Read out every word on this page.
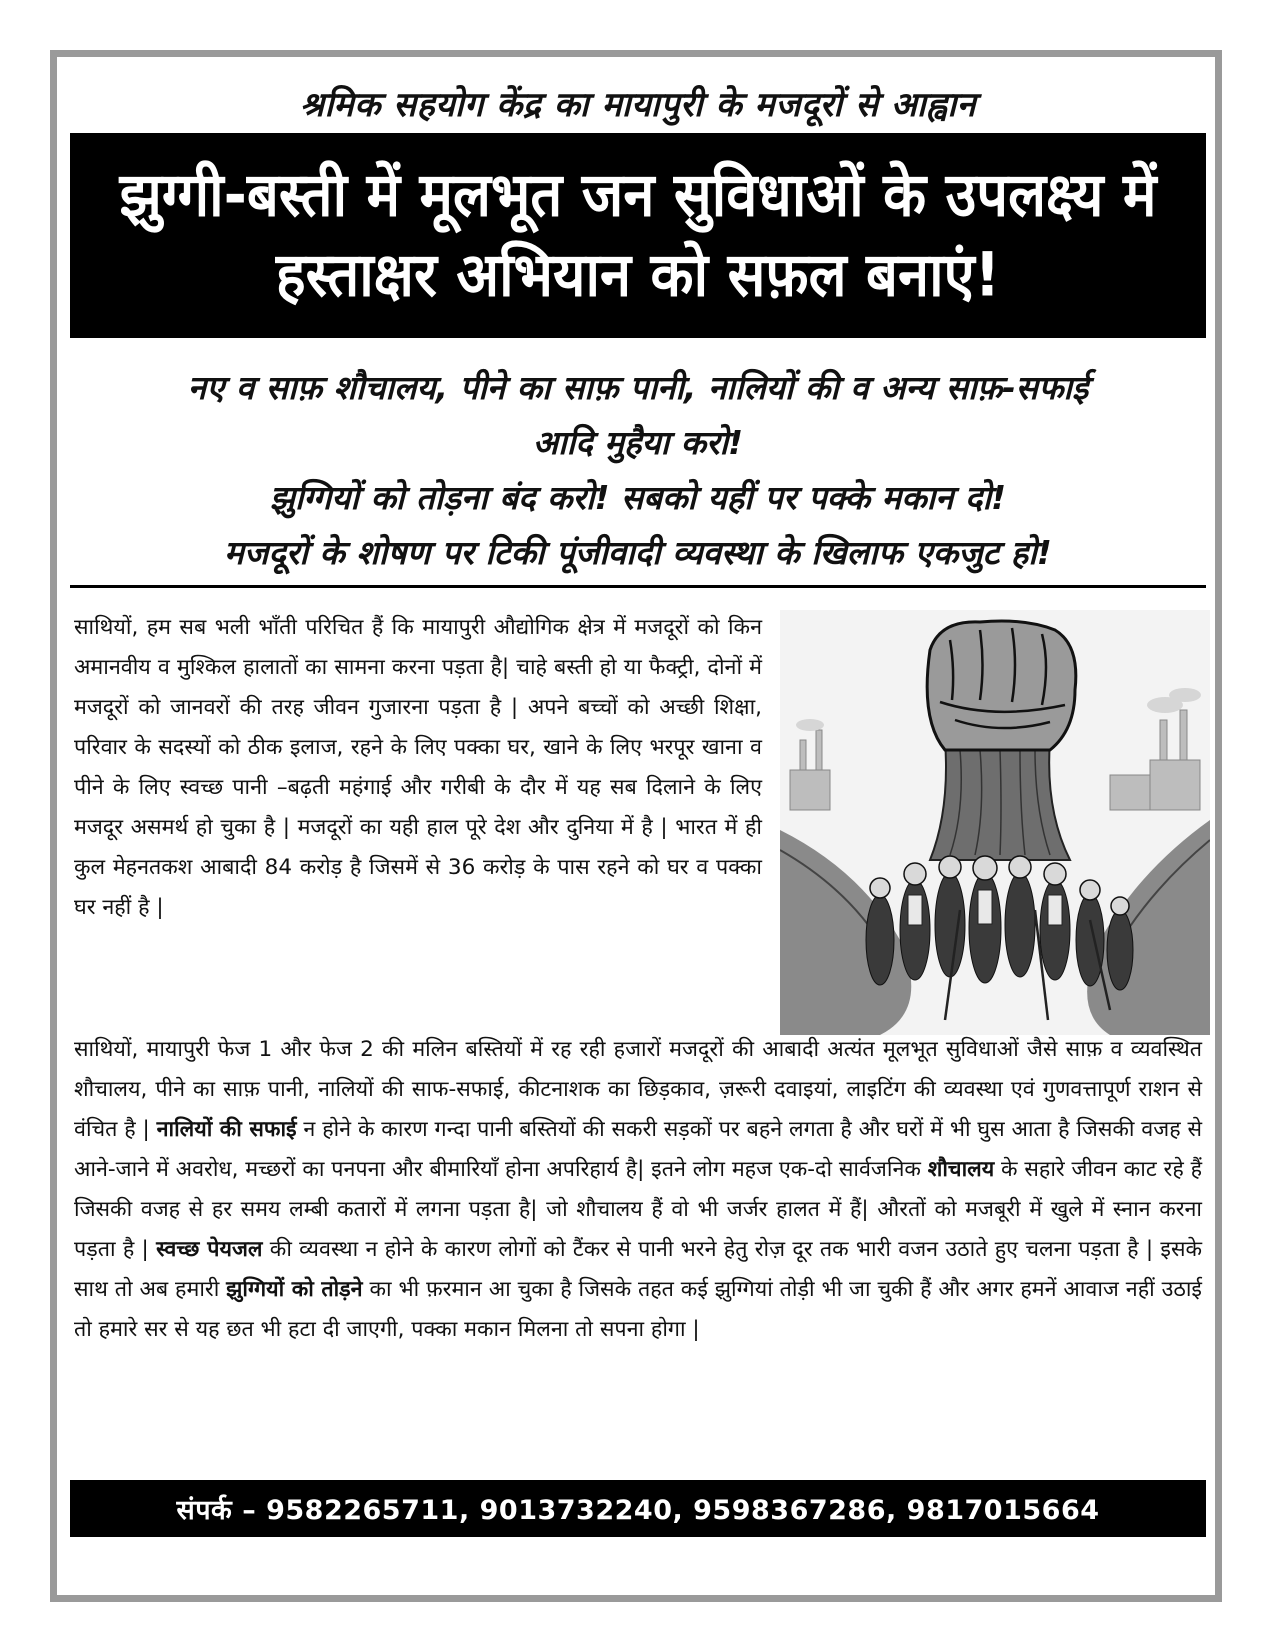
श्रमिक सहयोग केंद्र का मायापुरी के मजदूरों से आह्वान
झुग्गी-बस्ती में मूलभूत जन सुविधाओं के उपलक्ष्य में
हस्ताक्षर अभियान को सफ़ल बनाएं!
नए व साफ़ शौचालय, पीने का साफ़ पानी, नालियों की व अन्य साफ़-सफाई
आदि मुहैया करो!
झुग्गियों को तोड़ना बंद करो! सबको यहीं पर पक्के मकान दो!
मजदूरों के शोषण पर टिकी पूंजीवादी व्यवस्था के खिलाफ एकजुट हो!

साथियों, हम सब भली भाँती परिचित हैं कि मायापुरी औद्योगिक क्षेत्र में मजदूरों को किन अमानवीय व मुश्किल हालातों का सामना करना पड़ता है| चाहे बस्ती हो या फैक्ट्री, दोनों में मजदूरों को जानवरों की तरह जीवन गुजारना पड़ता है | अपने बच्चों को अच्छी शिक्षा, परिवार के सदस्यों को ठीक इलाज, रहने के लिए पक्का घर, खाने के लिए भरपूर खाना व पीने के लिए स्वच्छ पानी –बढ़ती महंगाई और गरीबी के दौर में यह सब दिलाने के लिए मजदूर असमर्थ हो चुका है | मजदूरों का यही हाल पूरे देश और दुनिया में है | भारत में ही कुल मेहनतकश आबादी 84 करोड़ है जिसमें से 36 करोड़ के पास रहने को घर व पक्का घर नहीं है |

साथियों, मायापुरी फेज 1 और फेज 2 की मलिन बस्तियों में रह रही हजारों मजदूरों की आबादी अत्यंत मूलभूत सुविधाओं जैसे साफ़ व व्यवस्थित शौचालय, पीने का साफ़ पानी, नालियों की साफ-सफाई, कीटनाशक का छिड़काव, ज़रूरी दवाइयां, लाइटिंग की व्यवस्था एवं गुणवत्तापूर्ण राशन से वंचित है | नालियों की सफाई न होने के कारण गन्दा पानी बस्तियों की सकरी सड़कों पर बहने लगता है और घरों में भी घुस आता है जिसकी वजह से आने-जाने में अवरोध, मच्छरों का पनपना और बीमारियाँ होना अपरिहार्य है| इतने लोग महज एक-दो सार्वजनिक शौचालय के सहारे जीवन काट रहे हैं जिसकी वजह से हर समय लम्बी कतारों में लगना पड़ता है| जो शौचालय हैं वो भी जर्जर हालत में हैं| औरतों को मजबूरी में खुले में स्नान करना पड़ता है | स्वच्छ पेयजल की व्यवस्था न होने के कारण लोगों को टैंकर से पानी भरने हेतु रोज़ दूर तक भारी वजन उठाते हुए चलना पड़ता है | इसके साथ तो अब हमारी झुग्गियों को तोड़ने का भी फ़रमान आ चुका है जिसके तहत कई झुग्गियां तोड़ी भी जा चुकी हैं और अगर हमनें आवाज नहीं उठाई तो हमारे सर से यह छत भी हटा दी जाएगी, पक्का मकान मिलना तो सपना होगा |

संपर्क – 9582265711, 9013732240, 9598367286, 9817015664
